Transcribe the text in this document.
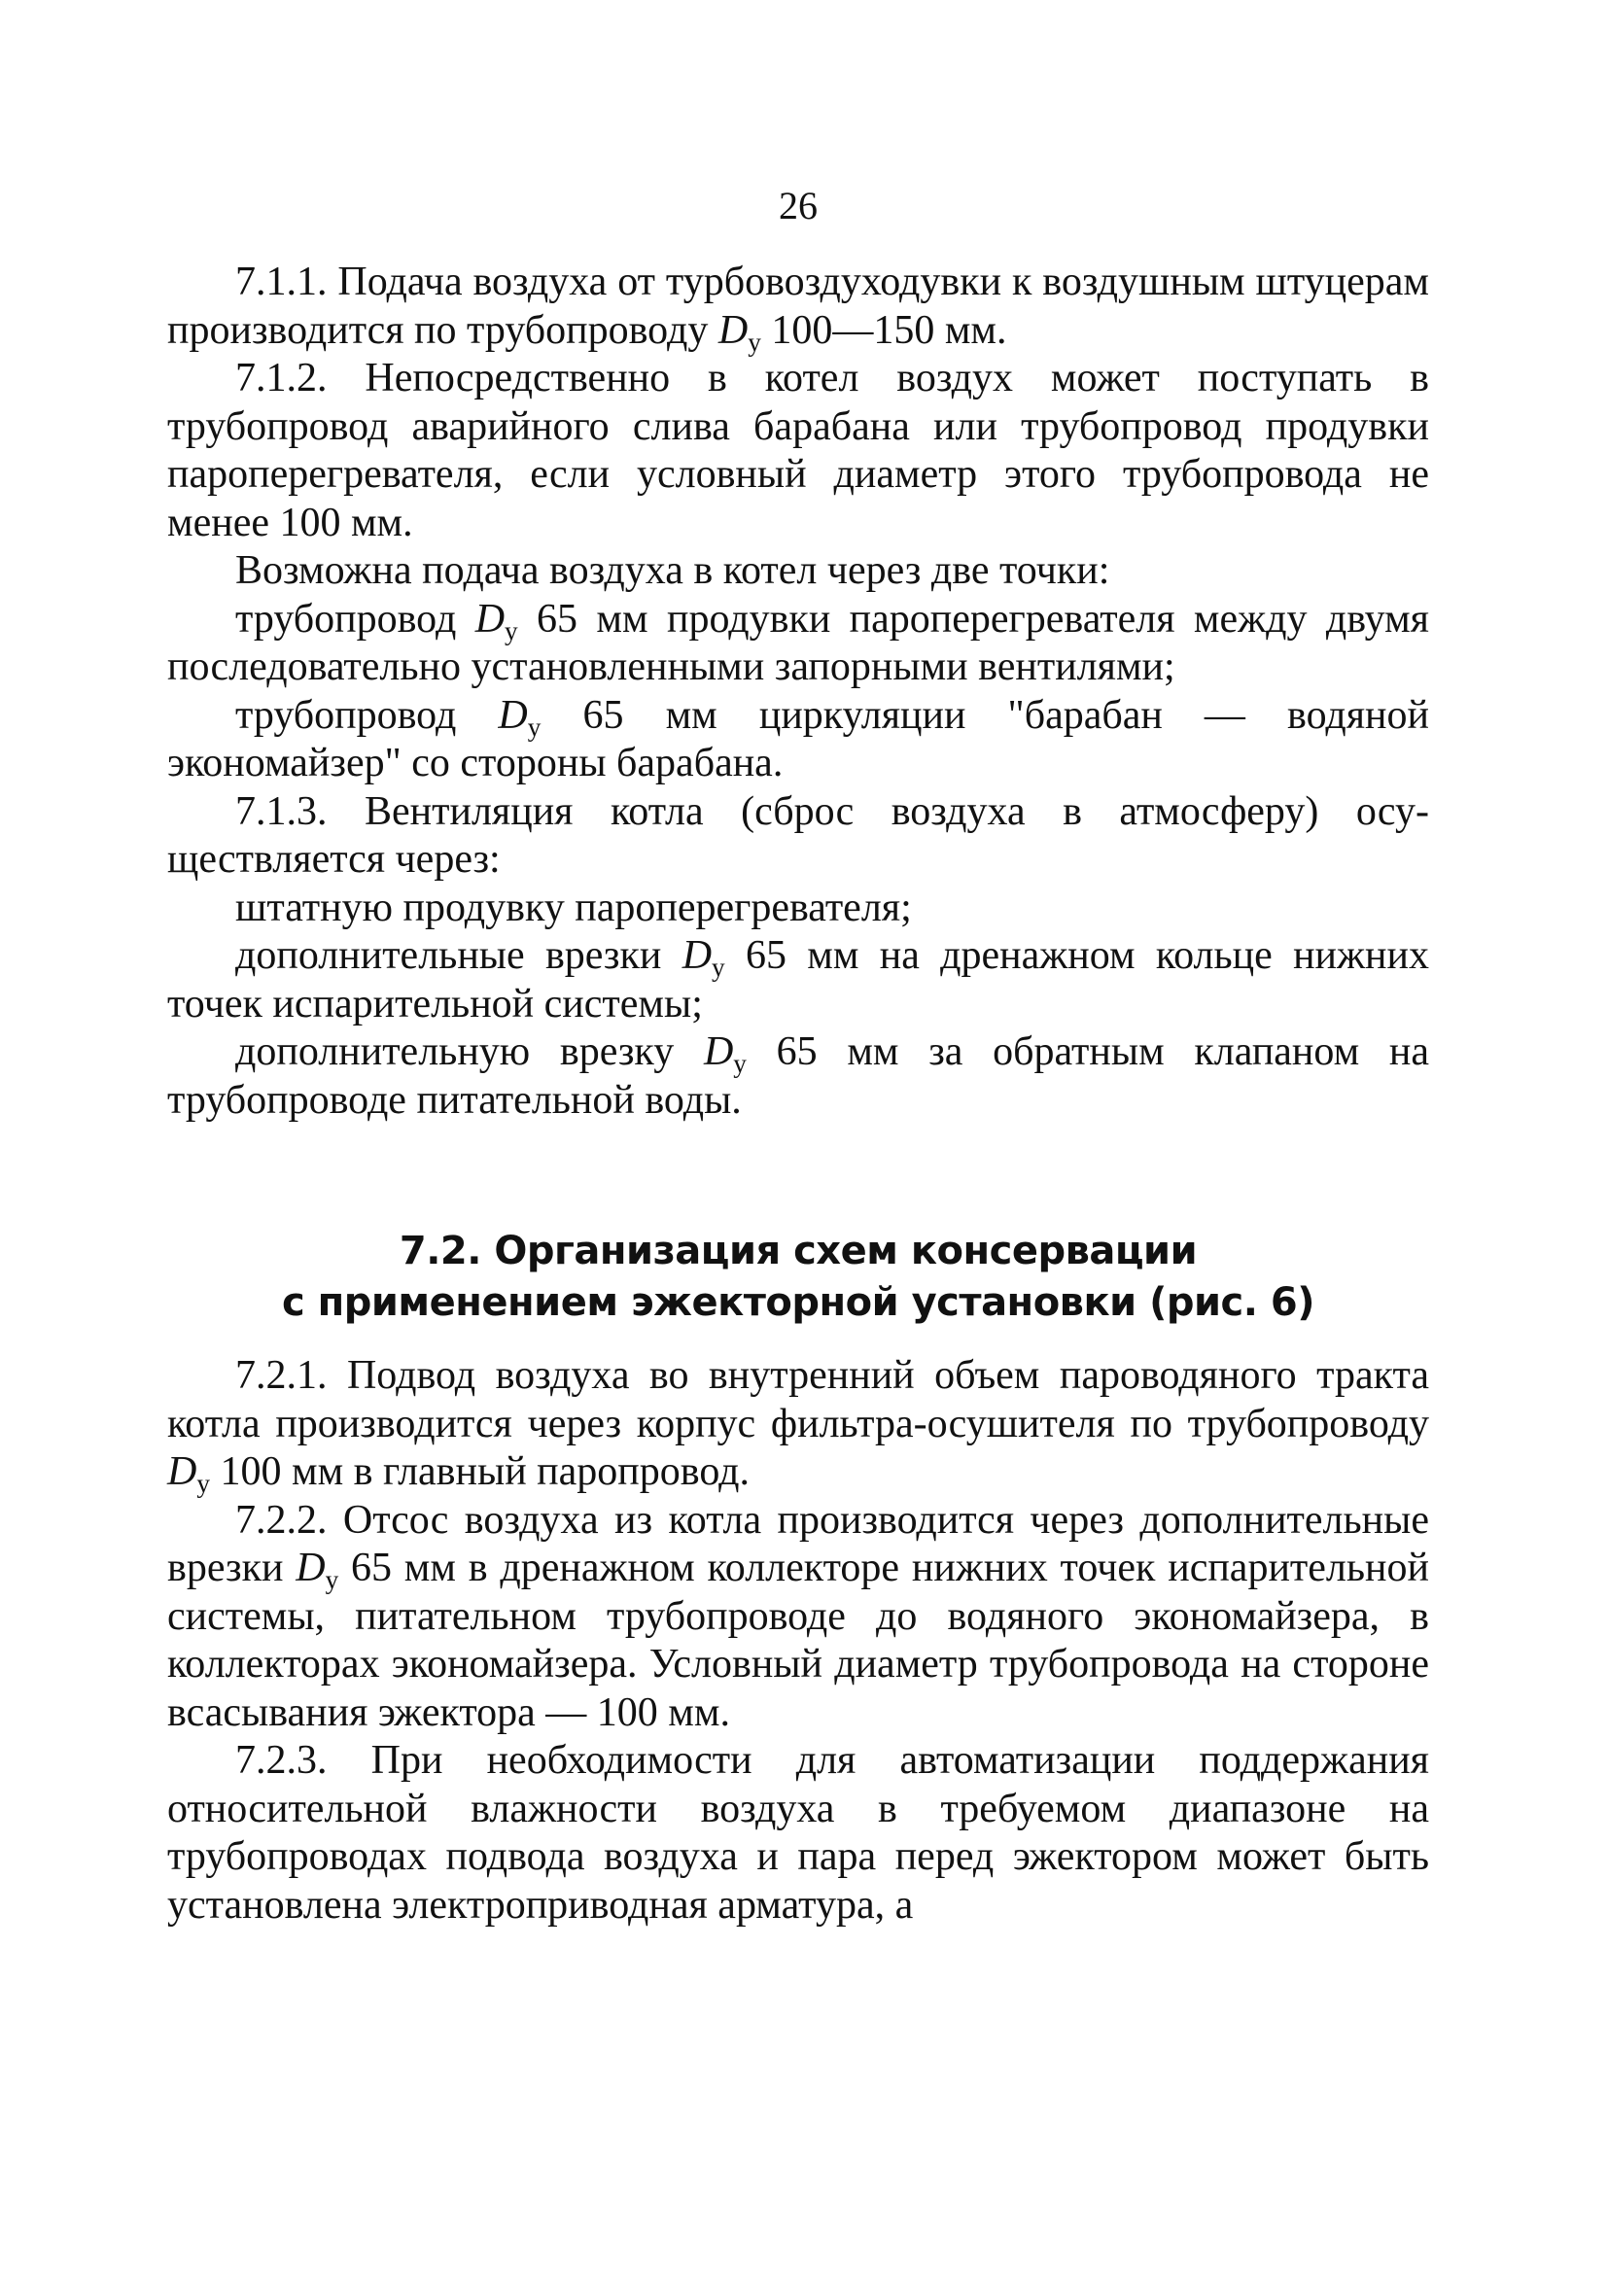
26

7.1.1. Подача воздуха от турбовоздуходувки к воздушным штуцерам производится по трубопроводу $D_у$ 100—150 мм.

7.1.2. Непосредственно в котел воздух может поступать в трубопровод аварийного слива барабана или трубопровод продувки пароперегревателя, если условный диаметр этого трубопровода не менее 100 мм.

Возможна подача воздуха в котел через две точки:

трубопровод $D_у$ 65 мм продувки пароперегревателя между двумя последовательно установленными запорными вентилями;

трубопровод $D_у$ 65 мм циркуляции "барабан — водяной экономайзер" со стороны барабана.

7.1.3. Вентиляция котла (сброс воздуха в атмосферу) осуществляется через:

штатную продувку пароперегревателя;

дополнительные врезки $D_у$ 65 мм на дренажном кольце нижних точек испарительной системы;

дополнительную врезку $D_у$ 65 мм за обратным клапаном на трубопроводе питательной воды.

7.2. Организация схем консервации
с применением эжекторной установки (рис. 6)

7.2.1. Подвод воздуха во внутренний объем пароводяного тракта котла производится через корпус фильтра-осушителя по трубопроводу $D_у$ 100 мм в главный паропровод.

7.2.2. Отсос воздуха из котла производится через дополнительные врезки $D_у$ 65 мм в дренажном коллекторе нижних точек испарительной системы, питательном трубопроводе до водяного экономайзера, в коллекторах экономайзера. Условный диаметр трубопровода на стороне всасывания эжектора — 100 мм.

7.2.3. При необходимости для автоматизации поддержания относительной влажности воздуха в требуемом диапазоне на трубопроводах подвода воздуха и пара перед эжектором может быть установлена электроприводная арматура, а
